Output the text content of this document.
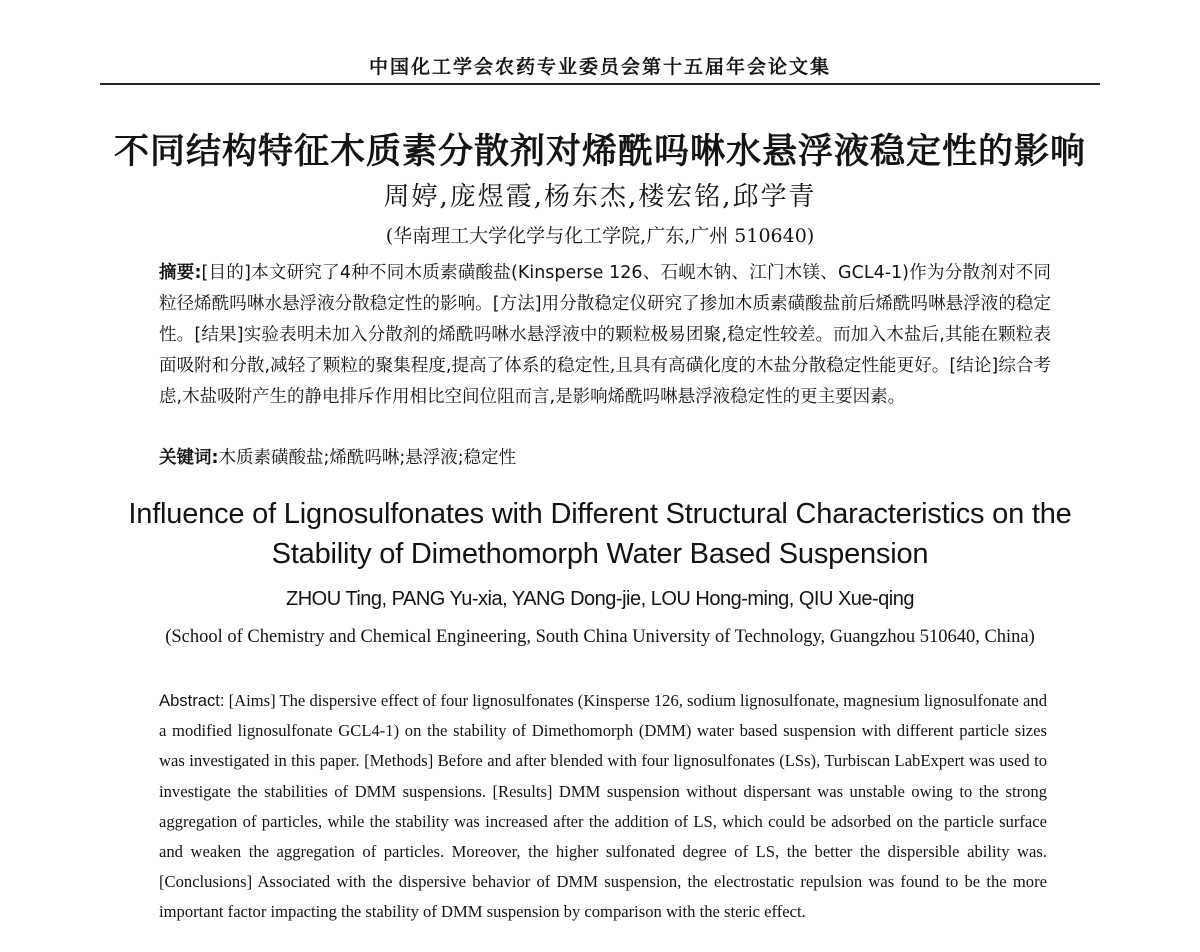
中国化工学会农药专业委员会第十五届年会论文集
不同结构特征木质素分散剂对烯酰吗啉水悬浮液稳定性的影响
周婷,庞煜霞,杨东杰,楼宏铭,邱学青
(华南理工大学化学与化工学院,广东,广州 510640)
摘要:[目的]本文研究了4种不同木质素磺酸盐(Kinsperse 126、石岘木钠、江门木镁、GCL4-1)作为分散剂对不同粒径烯酰吗啉水悬浮液分散稳定性的影响。[方法]用分散稳定仪研究了掺加木质素磺酸盐前后烯酰吗啉悬浮液的稳定性。[结果]实验表明未加入分散剂的烯酰吗啉水悬浮液中的颗粒极易团聚,稳定性较差。而加入木盐后,其能在颗粒表面吸附和分散,减轻了颗粒的聚集程度,提高了体系的稳定性,且具有高磺化度的木盐分散稳定性能更好。[结论]综合考虑,木盐吸附产生的静电排斥作用相比空间位阻而言,是影响烯酰吗啉悬浮液稳定性的更主要因素。
关键词:木质素磺酸盐;烯酰吗啉;悬浮液;稳定性
Influence of Lignosulfonates with Different Structural Characteristics on the Stability of Dimethomorph Water Based Suspension
ZHOU Ting, PANG Yu-xia, YANG Dong-jie, LOU Hong-ming, QIU Xue-qing
(School of Chemistry and Chemical Engineering, South China University of Technology, Guangzhou 510640, China)
Abstract: [Aims] The dispersive effect of four lignosulfonates (Kinsperse 126, sodium lignosulfonate, magnesium lignosulfonate and a modified lignosulfonate GCL4-1) on the stability of Dimethomorph (DMM) water based suspension with different particle sizes was investigated in this paper. [Methods] Before and after blended with four lignosulfonates (LSs), Turbiscan LabExpert was used to investigate the stabilities of DMM suspensions. [Results] DMM suspension without dispersant was unstable owing to the strong aggregation of particles, while the stability was increased after the addition of LS, which could be adsorbed on the particle surface and weaken the aggregation of particles. Moreover, the higher sulfonated degree of LS, the better the dispersible ability was. [Conclusions] Associated with the dispersive behavior of DMM suspension, the electrostatic repulsion was found to be the more important factor impacting the stability of DMM suspension by comparison with the steric effect.
